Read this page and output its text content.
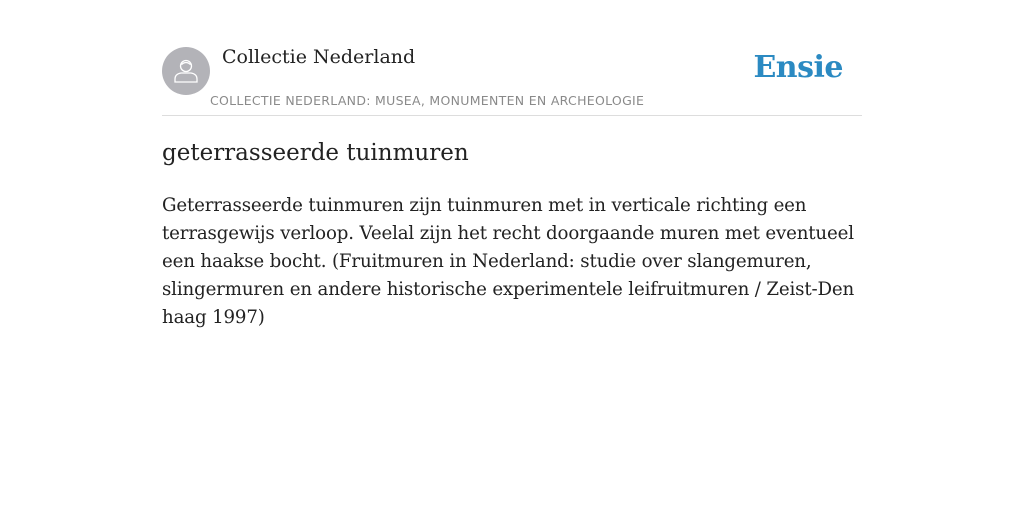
Collectie Nederland
COLLECTIE NEDERLAND: MUSEA, MONUMENTEN EN ARCHEOLOGIE
Ensie
geterrasseerde tuinmuren

Geterrasseerde tuinmuren zijn tuinmuren met in verticale richting een terrasgewijs verloop. Veelal zijn het recht doorgaande muren met eventueel een haakse bocht. (Fruitmuren in Nederland: studie over slangemuren, slingermuren en andere historische experimentele leifruitmuren / Zeist-Den haag 1997)
